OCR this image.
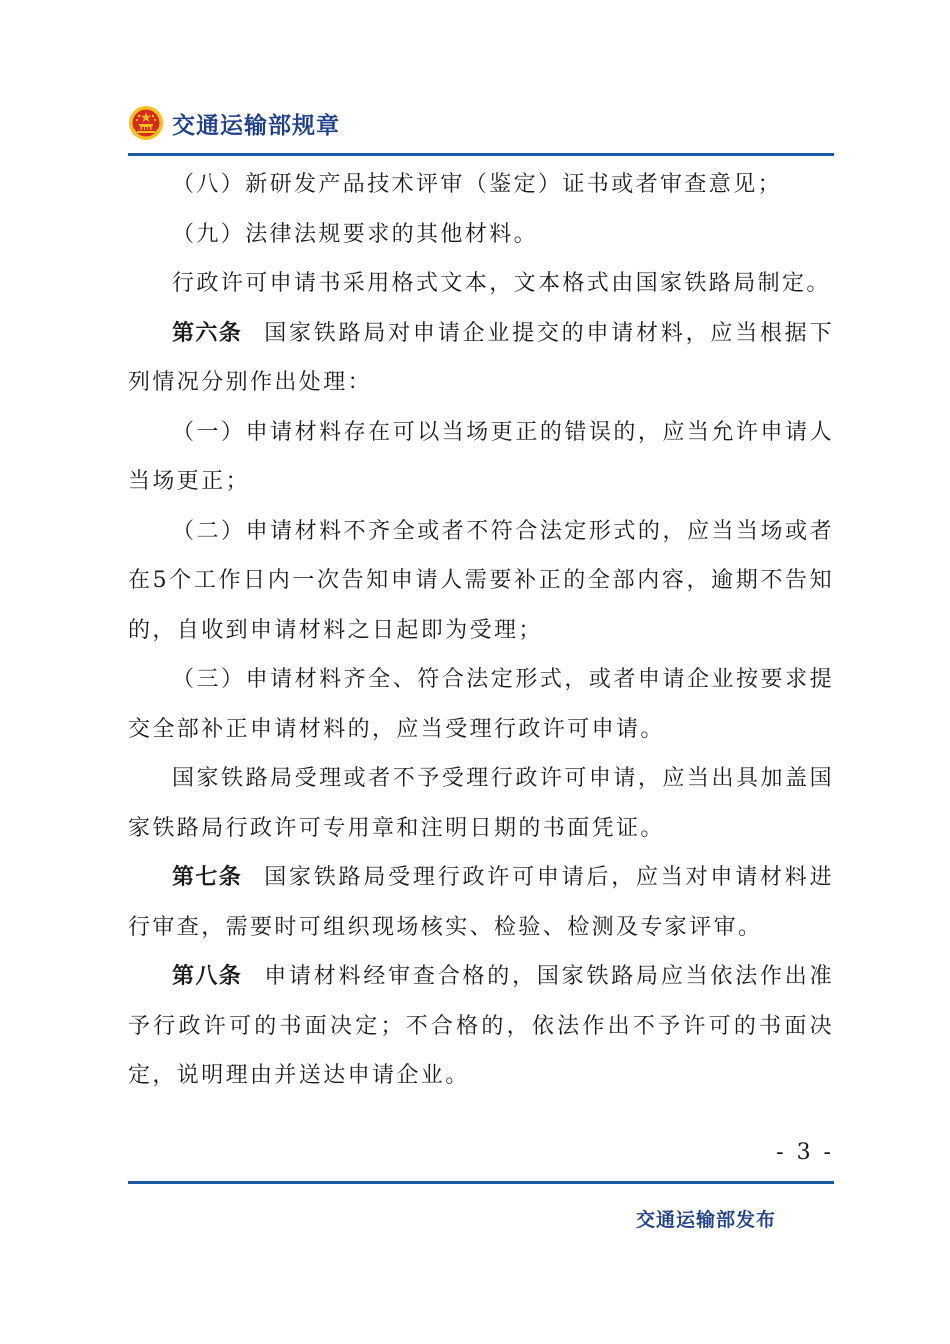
交通运输部规章

（八）新研发产品技术评审（鉴定）证书或者审查意见；

（九）法律法规要求的其他材料。

行政许可申请书采用格式文本，文本格式由国家铁路局制定。

第六条 国家铁路局对申请企业提交的申请材料，应当根据下列情况分别作出处理：

（一）申请材料存在可以当场更正的错误的，应当允许申请人当场更正；

（二）申请材料不齐全或者不符合法定形式的，应当当场或者在5个工作日内一次告知申请人需要补正的全部内容，逾期不告知的，自收到申请材料之日起即为受理；

（三）申请材料齐全、符合法定形式，或者申请企业按要求提交全部补正申请材料的，应当受理行政许可申请。

国家铁路局受理或者不予受理行政许可申请，应当出具加盖国家铁路局行政许可专用章和注明日期的书面凭证。

第七条 国家铁路局受理行政许可申请后，应当对申请材料进行审查，需要时可组织现场核实、检验、检测及专家评审。

第八条 申请材料经审查合格的，国家铁路局应当依法作出准予行政许可的书面决定；不合格的，依法作出不予许可的书面决定，说明理由并送达申请企业。

- 3 -
交通运输部发布
